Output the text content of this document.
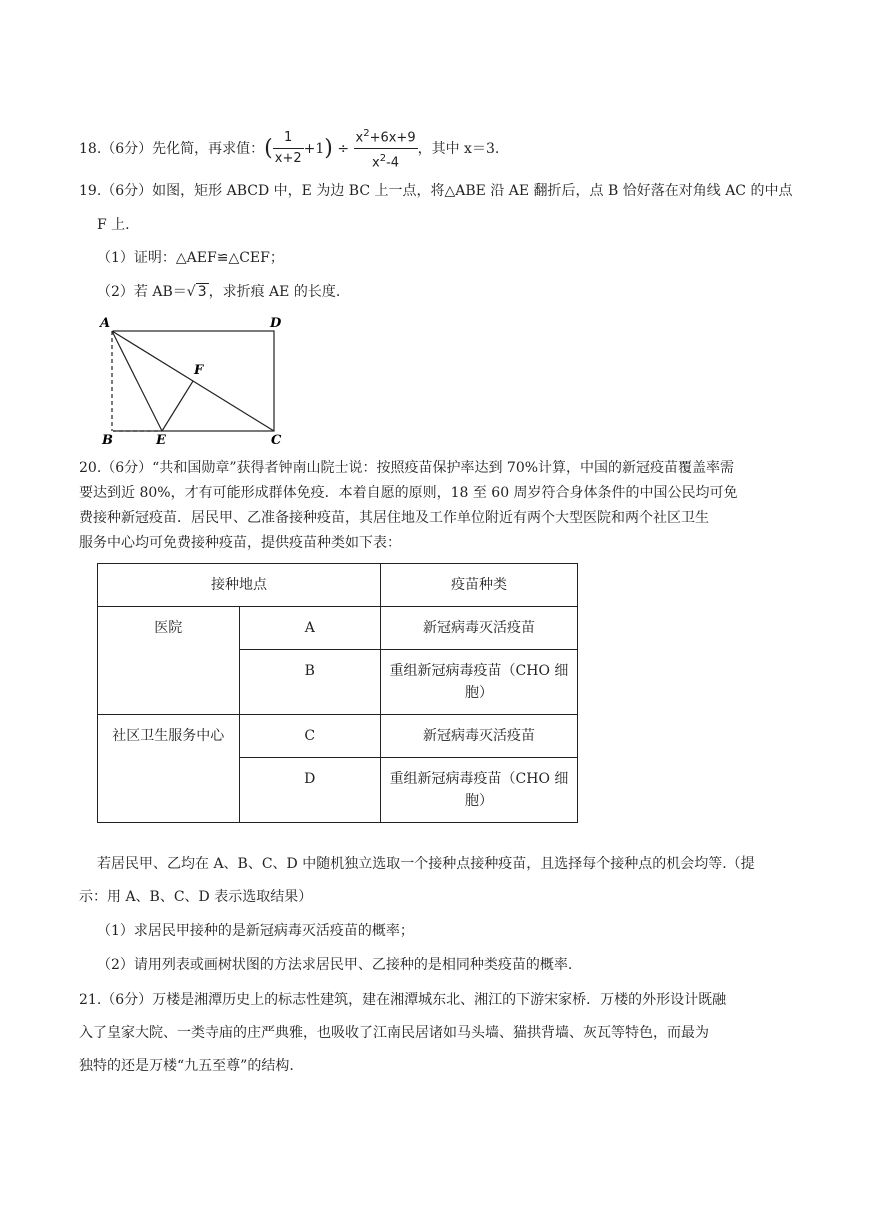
18.（6分）先化简，再求值：( $\frac{1}{x+2} +1) \div \frac{x^2+6x+9}{x^2-4}$ ，其中 x＝3.
19.（6分）如图，矩形 ABCD 中，E 为边 BC 上一点，将△ABE 沿 AE 翻折后，点 B 恰好落在对角线 AC 的中点
F 上.
（1）证明：△AEF≌△CEF；
（2）若 AB＝√ 3 ，求折痕 AE 的长度.
A	D
F
B	E	C
20.（6分）“共和国勋章”获得者钟南山院士说：按照疫苗保护率达到 70%计算，中国的新冠疫苗覆盖率需
要达到近 80%，才有可能形成群体免疫．本着自愿的原则，18 至 60 周岁符合身体条件的中国公民均可免
费接种新冠疫苗．居民甲、乙准备接种疫苗，其居住地及工作单位附近有两个大型医院和两个社区卫生
服务中心均可免费接种疫苗，提供疫苗种类如下表：
接种地点		疫苗种类
医院	A	新冠病毒灭活疫苗
	B	重组新冠病毒疫苗（CHO 细胞）
社区卫生服务中心	C	新冠病毒灭活疫苗
	D	重组新冠病毒疫苗（CHO 细胞）
若居民甲、乙均在 A、B、C、D 中随机独立选取一个接种点接种疫苗，且选择每个接种点的机会均等.（提
示：用 A、B、C、D 表示选取结果）
（1）求居民甲接种的是新冠病毒灭活疫苗的概率；
（2）请用列表或画树状图的方法求居民甲、乙接种的是相同种类疫苗的概率.
21.（6分）万楼是湘潭历史上的标志性建筑，建在湘潭城东北、湘江的下游宋家桥．万楼的外形设计既融
入了皇家大院、一类寺庙的庄严典雅，也吸收了江南民居诸如马头墙、猫拱背墙、灰瓦等特色，而最为
独特的还是万楼“九五至尊”的结构.
